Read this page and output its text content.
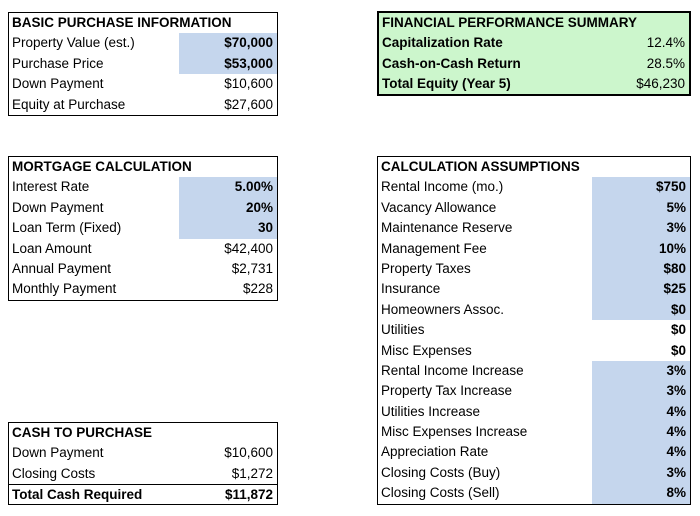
BASIC PURCHASE INFORMATION
Property Value (est.)	$70,000
Purchase Price	$53,000
Down Payment	$10,600
Equity at Purchase	$27,600
FINANCIAL PERFORMANCE SUMMARY
Capitalization Rate	12.4%
Cash-on-Cash Return	28.5%
Total Equity (Year 5)	$46,230
MORTGAGE CALCULATION
Interest Rate	5.00%
Down Payment	20%
Loan Term (Fixed)	30
Loan Amount	$42,400
Annual Payment	$2,731
Monthly Payment	$228
CALCULATION ASSUMPTIONS
Rental Income (mo.)	$750
Vacancy Allowance	5%
Maintenance Reserve	3%
Management Fee	10%
Property Taxes	$80
Insurance	$25
Homeowners Assoc.	$0
Utilities	$0
Misc Expenses	$0
Rental Income Increase	3%
Property Tax Increase	3%
Utilities Increase	4%
Misc Expenses Increase	4%
Appreciation Rate	4%
Closing Costs (Buy)	3%
Closing Costs (Sell)	8%
CASH TO PURCHASE
Down Payment	$10,600
Closing Costs	$1,272
Total Cash Required	$11,872
